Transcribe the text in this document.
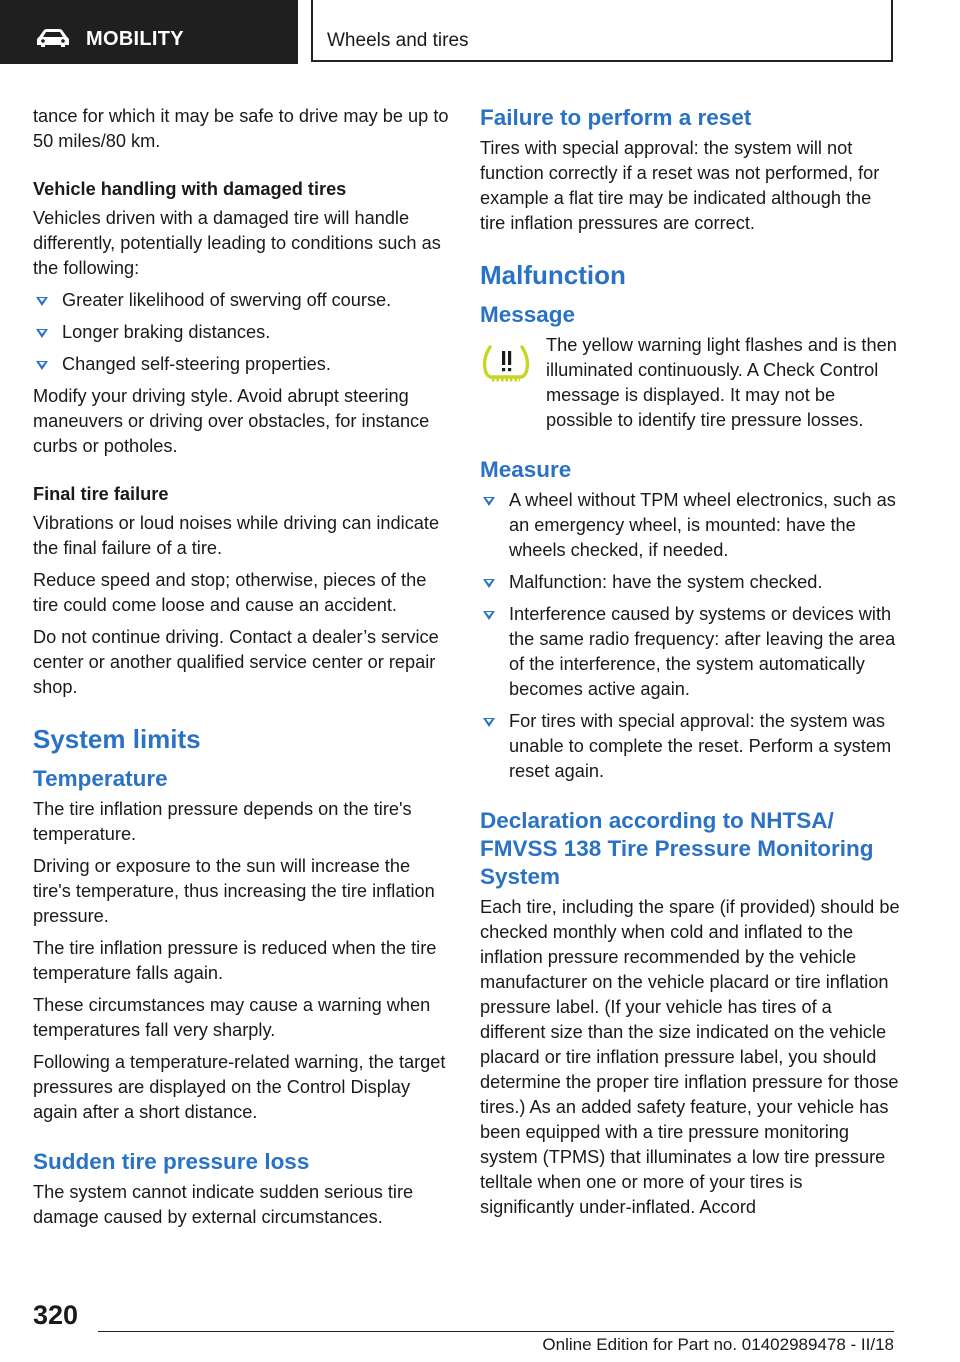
MOBILITY	Wheels and tires

tance for which it may be safe to drive may be up to 50 miles/80 km.

Vehicle handling with damaged tires

Vehicles driven with a damaged tire will handle differently, potentially leading to conditions such as the following:

Greater likelihood of swerving off course.
Longer braking distances.
Changed self-steering properties.

Modify your driving style. Avoid abrupt steering maneuvers or driving over obstacles, for instance curbs or potholes.

Final tire failure

Vibrations or loud noises while driving can indicate the final failure of a tire.

Reduce speed and stop; otherwise, pieces of the tire could come loose and cause an accident.

Do not continue driving. Contact a dealer’s service center or another qualified service center or repair shop.

System limits
Temperature

The tire inflation pressure depends on the tire's temperature.

Driving or exposure to the sun will increase the tire's temperature, thus increasing the tire inflation pressure.

The tire inflation pressure is reduced when the tire temperature falls again.

These circumstances may cause a warning when temperatures fall very sharply.

Following a temperature-related warning, the target pressures are displayed on the Control Display again after a short distance.

Sudden tire pressure loss

The system cannot indicate sudden serious tire damage caused by external circumstances.

Failure to perform a reset

Tires with special approval: the system will not function correctly if a reset was not performed, for example a flat tire may be indicated although the tire inflation pressures are correct.

Malfunction
Message

The yellow warning light flashes and is then illuminated continuously. A Check Control message is displayed. It may not be possible to identify tire pressure losses.

Measure
A wheel without TPM wheel electronics, such as an emergency wheel, is mounted: have the wheels checked, if needed.
Malfunction: have the system checked.
Interference caused by systems or devices with the same radio frequency: after leaving the area of the interference, the system automatically becomes active again.
For tires with special approval: the system was unable to complete the reset. Perform a system reset again.
Declaration according to NHTSA/ FMVSS 138 Tire Pressure Monitoring System

Each tire, including the spare (if provided) should be checked monthly when cold and inflated to the inflation pressure recommended by the vehicle manufacturer on the vehicle placard or tire inflation pressure label. (If your vehicle has tires of a different size than the size indicated on the vehicle placard or tire inflation pressure label, you should determine the proper tire inflation pressure for those tires.) As an added safety feature, your vehicle has been equipped with a tire pressure monitoring system (TPMS) that illuminates a low tire pressure telltale when one or more of your tires is significantly under-inflated. Accord

320
Online Edition for Part no. 01402989478 - II/18
